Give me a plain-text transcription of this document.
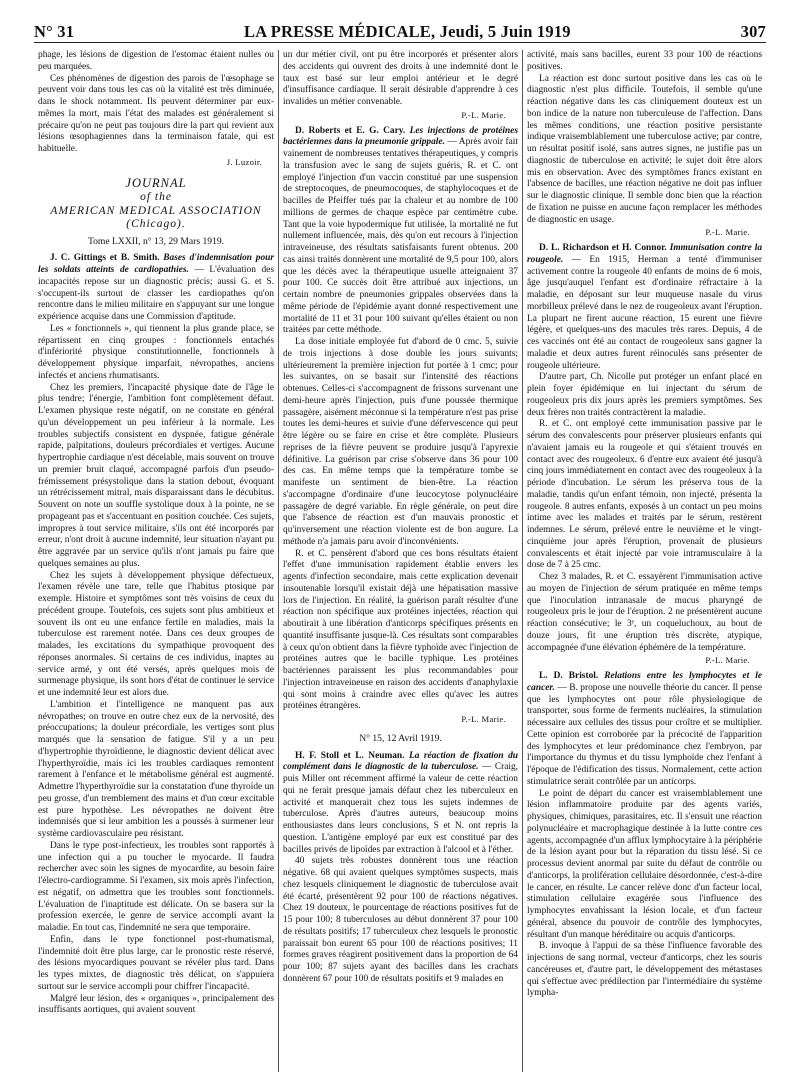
N° 31	LA PRESSE MÉDICALE, Jeudi, 5 Juin 1919	307

phage, les lésions de digestion de l'estomac étaient nulles ou peu marquées.

Ces phénomènes de digestion des parois de l'œsophage se peuvent voir dans tous les cas où la vitalité est très diminuée, dans le shock notamment. Ils peuvent déterminer par eux-mêmes la mort, mais l'état des malades est généralement si précaire qu'on ne peut pas toujours dire la part qui revient aux lésions œsophagiennes dans la terminaison fatale, qui est habituelle.

J. Luzoir.

JOURNAL
of the
AMERICAN MEDICAL ASSOCIATION
(Chicago).

Tome LXXII, n° 13, 29 Mars 1919.

J. C. Gittings et B. Smith. Bases d'indemnisation pour les soldats atteints de cardiopathies. — L'évaluation des incapacités repose sur un diagnostic précis; aussi G. et S. s'occupent-ils surtout de classer les cardiopathes qu'on rencontre dans le milieu militaire en s'appuyant sur une longue expérience acquise dans une Commission d'aptitude.

Les « fonctionnels », qui tiennent la plus grande place, se répartissent en cinq groupes : fonctionnels entachés d'infériorité physique constitutionnelle, fonctionnels à développement physique imparfait, névropathes, anciens infectés et anciens rhumatisants.

Chez les premiers, l'incapacité physique date de l'âge le plus tendre; l'énergie, l'ambition font complètement défaut. L'examen physique reste négatif, on ne constate en général qu'un développement un peu inférieur à la normale. Les troubles subjectifs consistent en dyspnée, fatigue générale rapide, palpitations, douleurs précordiales et vertiges. Aucune hypertrophie cardiaque n'est décelable, mais souvent on trouve un premier bruit claqué, accompagné parfois d'un pseudo-frémissement présystolique dans la station debout, évoquant un rétrécissement mitral, mais disparaissant dans le décubitus. Souvent on note un souffle systolique doux à la pointe, ne se propageant pas et s'accentuant en position couchée. Ces sujets, impropres à tout service militaire, s'ils ont été incorporés par erreur, n'ont droit à aucune indemnité, leur situation n'ayant pu être aggravée par un service qu'ils n'ont jamais pu faire que quelques semaines au plus.

Chez les sujets à développement physique défectueux, l'examen révèle une tare, telle que l'habitus ptosique par exemple. Histoire et symptômes sont très voisins de ceux du précédent groupe. Toutefois, ces sujets sont plus ambitieux et souvent ils ont eu une enfance fertile en maladies, mais la tuberculose est rarement notée. Dans ces deux groupes de malades, les excitations du sympathique provoquent des réponses anormales. Si certains de ces individus, inaptes au service armé, y ont été versés, après quelques mois de surmenage physique, ils sont hors d'état de continuer le service et une indemnité leur est alors due.

L'ambition et l'intelligence ne manquent pas aux névropathes; on trouve en outre chez eux de la nervosité, des préoccupations; la douleur précordiale, les vertiges sont plus marqués que la sensation de fatigue. S'il y a un peu d'hypertrophie thyroïdienne, le diagnostic devient délicat avec l'hyperthyroïdie, mais ici les troubles cardiaques remontent rarement à l'enfance et le métabolisme général est augmenté. Admettre l'hyperthyroïdie sur la constatation d'une thyroïde un peu grosse, d'un tremblement des mains et d'un cœur excitable est pure hypothèse. Les névropathes ne doivent être indemnisés que si leur ambition les a poussés à surmener leur système cardiovasculaire peu résistant.

Dans le type post-infectieux, les troubles sont rapportés à une infection qui a pu toucher le myocarde. Il faudra rechercher avec soin les signes de myocardite, au besoin faire l'électro-cardiogramme. Si l'examen, six mois après l'infection, est négatif, on admettra que les troubles sont fonctionnels. L'évaluation de l'inaptitude est délicate. On se basera sur la profession exercée, le genre de service accompli avant la maladie. En tout cas, l'indemnité ne sera que temporaire.

Enfin, dans le type fonctionnel post-rhumatismal, l'indemnité doit être plus large, car le pronostic reste réservé, des lésions myocardiques pouvant se révéler plus tard. Dans les types mixtes, de diagnostic très délicat, on s'appuiera surtout sur le service accompli pour chiffrer l'incapacité.

Malgré leur lésion, des « organiques », principalement des insuffisants aortiques, qui avaient souvent

un dur métier civil, ont pu être incorporés et présenter alors des accidents qui ouvrent des droits à une indemnité dont le taux est basé sur leur emploi antérieur et le degré d'insuffisance cardiaque. Il serait désirable d'apprendre à ces invalides un métier convenable.

P.-L. Marie.

D. Roberts et E. G. Cary. Les injections de protéines bactériennes dans la pneumonie grippale. — Après avoir fait vainement de nombreuses tentatives thérapeutiques, y compris la transfusion avec le sang de sujets guéris, R. et C. ont employé l'injection d'un vaccin constitué par une suspension de streptocoques, de pneumocoques, de staphylocoques et de bacilles de Pfeiffer tués par la chaleur et au nombre de 100 millions de germes de chaque espèce par centimètre cube. Tant que la voie hypodermique fut utilisée, la mortalité ne fut nullement influencée, mais, dès qu'on eut recours à l'injection intraveineuse, des résultats satisfaisants furent obtenus. 200 cas ainsi traités donnèrent une mortalité de 9,5 pour 100, alors que les décès avec la thérapeutique usuelle atteignaient 37 pour 100. Ce succès doit être attribué aux injections, un certain nombre de pneumonies grippales observées dans la même période de l'épidémie ayant donné respectivement une mortalité de 11 et 31 pour 100 suivant qu'elles étaient ou non traitées par cette méthode.

La dose initiale employée fut d'abord de 0 cmc. 5, suivie de trois injections à dose double les jours suivants; ultérieurement la première injection fut portée à 1 cmc; pour les suivantes, on se basait sur l'intensité des réactions obtenues. Celles-ci s'accompagnent de frissons survenant une demi-heure après l'injection, puis d'une poussée thermique passagère, aisément méconnue si la température n'est pas prise toutes les demi-heures et suivie d'une défervescence qui peut être légère ou se faire en crise et être complète. Plusieurs reprises de la fièvre peuvent se produire jusqu'à l'apyrexie définitive. La guérison par crise s'observe dans 36 pour 100 des cas. En même temps que la température tombe se manifeste un sentiment de bien-être. La réaction s'accompagne d'ordinaire d'une leucocytose polynucléaire passagère de degré variable. En règle générale, on peut dire que l'absence de réaction est d'un mauvais pronostic et qu'inversement une réaction violente est de bon augure. La méthode n'a jamais paru avoir d'inconvénients.

R. et C. pensèrent d'abord que ces bons résultats étaient l'effet d'une immunisation rapidement établie envers les agents d'infection secondaire, mais cette explication devenait insoutenable lorsqu'il existait déjà une hépatisation massive lors de l'injection. En réalité, la guérison paraît résulter d'une réaction non spécifique aux protéines injectées, réaction qui aboutirait à une libération d'anticorps spécifiques présents en quantité insuffisante jusque-là. Ces résultats sont comparables à ceux qu'on obtient dans la fièvre typhoïde avec l'injection de protéines autres que le bacille typhique. Les protéines bactériennes paraissent les plus recommandables pour l'injection intraveineuse en raison des accidents d'anaphylaxie qui sont moins à craindre avec elles qu'avec les autres protéines étrangères.

P.-L. Marie.

N° 15, 12 Avril 1919.

H. F. Stoll et L. Neuman. La réaction de fixation du complément dans le diagnostic de la tuberculose. — Craig, puis Miller ont récemment affirmé la valeur de cette réaction qui ne ferait presque jamais défaut chez les tuberculeux en activité et manquerait chez tous les sujets indemnes de tuberculose. Après d'autres auteurs, beaucoup moins enthousiastes dans leurs conclusions, S et N. ont repris la question. L'antigène employé par eux est constitué par des bacilles privés de lipoïdes par extraction à l'alcool et à l'éther.

40 sujets très robustes donnèrent tous une réaction négative. 68 qui avaient quelques symptômes suspects, mais chez lesquels cliniquement le diagnostic de tuberculose avait été écarté, présentèrent 92 pour 100 de réactions négatives. Chez 19 douteux, le pourcentage de réactions positives fut de 15 pour 100; 8 tuberculoses au début donnèrent 37 pour 100 de résultats positifs; 17 tuberculeux chez lesquels le pronostic paraissait bon eurent 65 pour 100 de réactions positives; 11 formes graves réagirent positivement dans la proportion de 64 pour 100; 87 sujets ayant des bacilles dans les crachats donnèrent 67 pour 100 de résultats positifs et 9 malades en

activité, mais sans bacilles, eurent 33 pour 100 de réactions positives.

La réaction est donc surtout positive dans les cas où le diagnostic n'est plus difficile. Toutefois, il semble qu'une réaction négative dans les cas cliniquement douteux est un bon indice de la nature non tuberculeuse de l'affection. Dans les mêmes conditions, une réaction positive persistante indique vraisemblablement une tuberculose active; par contre, un résultat positif isolé, sans autres signes, ne justifie pas un diagnostic de tuberculose en activité; le sujet doit être alors mis en observation. Avec des symptômes francs existant en l'absence de bacilles, une réaction négative ne doit pas influer sur le diagnostic clinique. Il semble donc bien que la réaction de fixation ne puisse en aucune façon remplacer les méthodes de diagnostic en usage.

P.-L. Marie.

D. L. Richardson et H. Connor. Immunisation contre la rougeole. — En 1915, Herman a tenté d'immuniser activement contre la rougeole 40 enfants de moins de 6 mois, âge jusqu'auquel l'enfant est d'ordinaire réfractaire à la maladie, en déposant sur leur muqueuse nasale du virus morbilleux prélevé dans le nez de rougeoleux avant l'éruption. La plupart ne firent aucune réaction, 15 eurent une fièvre légère, et quelques-uns des macules très rares. Depuis, 4 de ces vaccinés ont été au contact de rougeoleux sans gagner la maladie et deux autres furent réinoculés sans présenter de rougeole ultérieure.

D'autre part, Ch. Nicolle put protéger un enfant placé en plein foyer épidémique en lui injectant du sérum de rougeoleux pris dix jours après les premiers symptômes. Ses deux frères non traités contractèrent la maladie.

R. et C. ont employé cette immunisation passive par le sérum des convalescents pour préserver plusieurs enfants qui n'avaient jamais eu la rougeole et qui s'étaient trouvés en contact avec des rougeoleux. 6 d'entre eux avaient été jusqu'à cinq jours immédiatement en contact avec des rougeoleux à la période d'incubation. Le sérum les préserva tous de la maladie, tandis qu'un enfant témoin, non injecté, présenta la rougeole. 8 autres enfants, exposés à un contact un peu moins intime avec les malades et traités par le sérum, restèrent indemnes. Le sérum, prélevé entre le neuvième et le vingt-cinquième jour après l'éruption, provenait de plusieurs convalescents et était injecté par voie intramusculaire à la dose de 7 à 25 cmc.

Chez 3 malades, R. et C. essayèrent l'immunisation active au moyen de l'injection de sérum pratiquée en même temps que l'inoculation intranasale de mucus pharyngé de rougeoleux pris le jour de l'éruption. 2 ne présentèrent aucune réaction consécutive; le 3ᵉ, un coqueluchoux, au bout de douze jours, fit une éruption très discrète, atypique, accompagnée d'une élévation éphémère de la température.

P.-L. Marie.

L. D. Bristol. Relations entre les lymphocytes et le cancer. — B. propose une nouvelle théorie du cancer. Il pense que les lymphocytes ont pour rôle physiologique de transporter, sous forme de ferments nucléaires, la stimulation nécessaire aux cellules des tissus pour croître et se multiplier. Cette opinion est corroborée par la précocité de l'apparition des lymphocytes et leur prédominance chez l'embryon, par l'importance du thymus et du tissu lymphoïde chez l'enfant à l'époque de l'édification des tissus. Normalement, cette action stimulatrice serait contrôlée par un anticorps.

Le point de départ du cancer est vraisemblablement une lésion inflammatoire produite par des agents variés, physiques, chimiques, parasitaires, etc. Il s'ensuit une réaction polynucléaire et macrophagique destinée à la lutte contre ces agents, accompagnée d'un afflux lymphocytaire à la périphérie de la lésion ayant pour but la réparation du tissu lésé. Si ce processus devient anormal par suite du défaut de contrôle ou d'anticorps, la prolifération cellulaire désordonnée, c'est-à-dire le cancer, en résulte. Le cancer relève donc d'un facteur local, stimulation cellulaire exagérée sous l'influence des lymphocytes envahissant la lésion locale, et d'un facteur général, absence du pouvoir de contrôle des lymphocytes, résultant d'un manque héréditaire ou acquis d'anticorps.

B. invoque à l'appui de sa thèse l'influence favorable des injections de sang normal, vecteur d'anticorps, chez les souris cancéreuses et, d'autre part, le développement des métastases qui s'effectue avec prédilection par l'intermédiaire du système lympha-
